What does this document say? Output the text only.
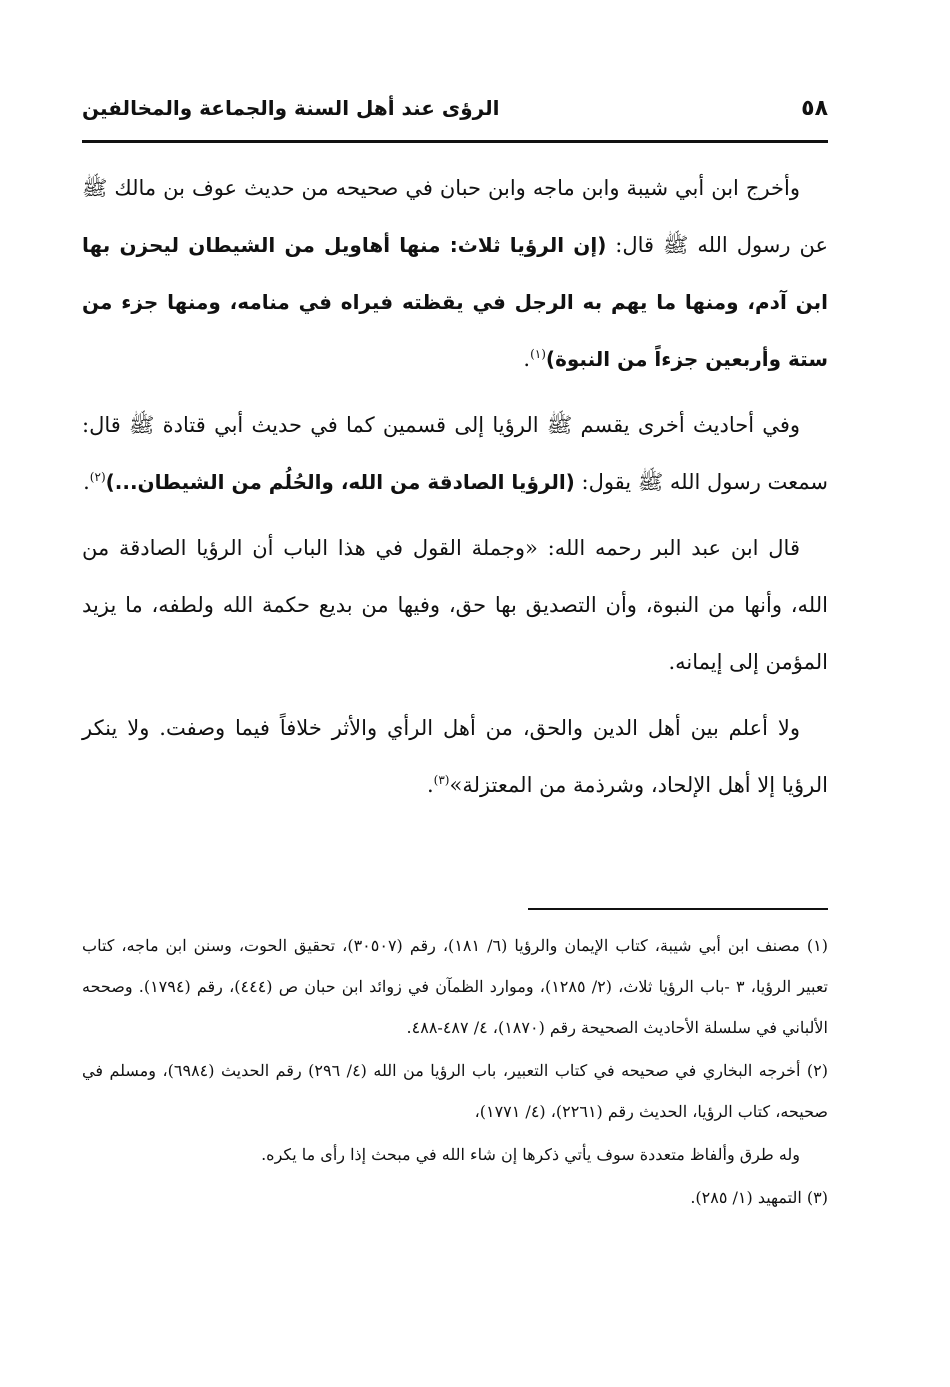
٥٨
الرؤى عند أهل السنة والجماعة والمخالفين

وأخرج ابن أبي شيبة وابن ماجه وابن حبان في صحيحه من حديث عوف بن مالك ﷺ عن رسول الله ﷺ قال: (إن الرؤيا ثلاث: منها أهاويل من الشيطان ليحزن بها ابن آدم، ومنها ما يهم به الرجل في يقظته فيراه في منامه، ومنها جزء من ستة وأربعين جزءاً من النبوة)$^{(١)}$.

وفي أحاديث أخرى يقسم ﷺ الرؤيا إلى قسمين كما في حديث أبي قتادة ﷺ قال: سمعت رسول الله ﷺ يقول: (الرؤيا الصادقة من الله، والحُلُم من الشيطان...)$^{(٢)}$.

قال ابن عبد البر رحمه الله: «وجملة القول في هذا الباب أن الرؤيا الصادقة من الله، وأنها من النبوة، وأن التصديق بها حق، وفيها من بديع حكمة الله ولطفه، ما يزيد المؤمن إلى إيمانه.

ولا أعلم بين أهل الدين والحق، من أهل الرأي والأثر خلافاً فيما وصفت. ولا ينكر الرؤيا إلا أهل الإلحاد، وشرذمة من المعتزلة»$^{(٣)}$.

(١) مصنف ابن أبي شيبة، كتاب الإيمان والرؤيا (٦/ ١٨١)، رقم (٣٠٥٠٧)، تحقيق الحوت، وسنن ابن ماجه، كتاب تعبير الرؤيا، ٣ -باب الرؤيا ثلاث، (٢/ ١٢٨٥)، وموارد الظمآن في زوائد ابن حبان ص (٤٤٤)، رقم (١٧٩٤). وصححه الألباني في سلسلة الأحاديث الصحيحة رقم (١٨٧٠)، ٤/ ٤٨٧-٤٨٨.

(٢) أخرجه البخاري في صحيحه في كتاب التعبير، باب الرؤيا من الله (٤/ ٢٩٦) رقم الحديث (٦٩٨٤)، ومسلم في صحيحه، كتاب الرؤيا، الحديث رقم (٢٢٦١)، (٤/ ١٧٧١)،

وله طرق وألفاظ متعددة سوف يأتي ذكرها إن شاء الله في مبحث إذا رأى ما يكره.

(٣) التمهيد (١/ ٢٨٥).
